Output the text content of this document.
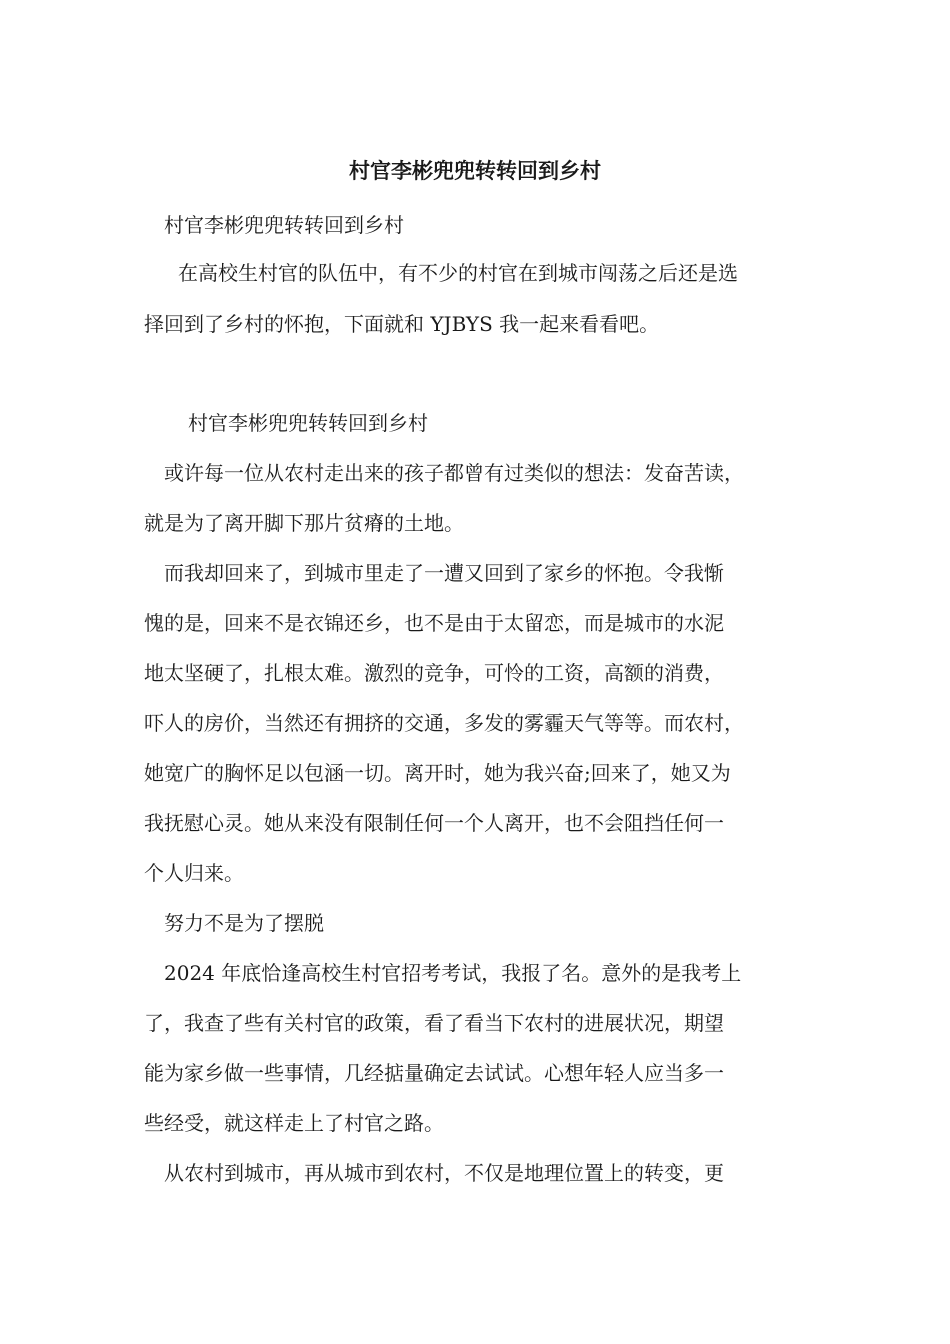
村官李彬兜兜转转回到乡村

村官李彬兜兜转转回到乡村

在高校生村官的队伍中，有不少的村官在到城市闯荡之后还是选

择回到了乡村的怀抱，下面就和 YJBYS 我一起来看看吧。

村官李彬兜兜转转回到乡村

或许每一位从农村走出来的孩子都曾有过类似的想法：发奋苦读，

就是为了离开脚下那片贫瘠的土地。

而我却回来了，到城市里走了一遭又回到了家乡的怀抱。令我惭

愧的是，回来不是衣锦还乡，也不是由于太留恋，而是城市的水泥

地太坚硬了，扎根太难。激烈的竞争，可怜的工资，高额的消费，

吓人的房价，当然还有拥挤的交通，多发的雾霾天气等等。而农村，

她宽广的胸怀足以包涵一切。离开时，她为我兴奋;回来了，她又为

我抚慰心灵。她从来没有限制任何一个人离开，也不会阻挡任何一

个人归来。

努力不是为了摆脱

2024 年底恰逢高校生村官招考考试，我报了名。意外的是我考上

了，我查了些有关村官的政策，看了看当下农村的进展状况，期望

能为家乡做一些事情，几经掂量确定去试试。心想年轻人应当多一

些经受，就这样走上了村官之路。

从农村到城市，再从城市到农村，不仅是地理位置上的转变，更
